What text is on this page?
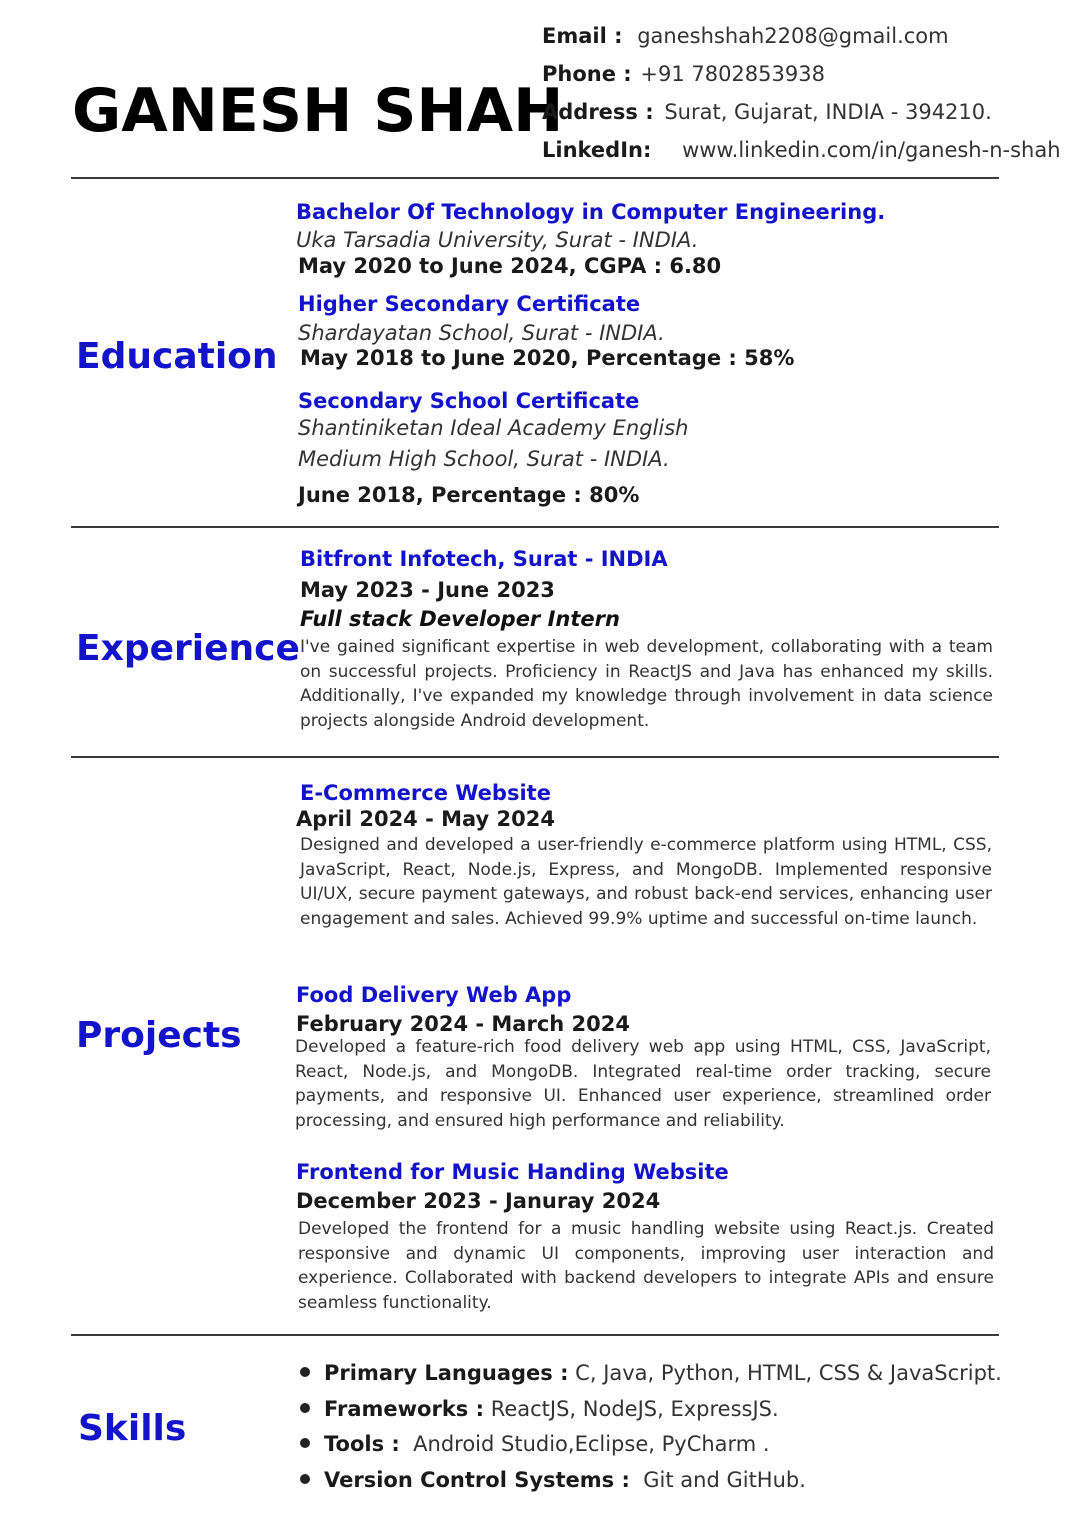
GANESH SHAH
Email : ganeshshah2208@gmail.com
Phone : +91 7802853938
Address : Surat, Gujarat, INDIA - 394210.
LinkedIn: www.linkedin.com/in/ganesh-n-shah
Education
Bachelor Of Technology in Computer Engineering.
Uka Tarsadia University, Surat - INDIA.
May 2020 to June 2024, CGPA : 6.80
Higher Secondary Certificate
Shardayatan School, Surat - INDIA.
May 2018 to June 2020, Percentage : 58%
Secondary School Certificate
Shantiniketan Ideal Academy English
Medium High School, Surat - INDIA.
June 2018, Percentage : 80%
Experience
Bitfront Infotech, Surat - INDIA
May 2023 - June 2023
Full stack Developer Intern

I've gained significant expertise in web development, collaborating with a team on successful projects. Proficiency in ReactJS and Java has enhanced my skills. Additionally, I've expanded my knowledge through involvement in data science projects alongside Android development.

Projects
E-Commerce Website
April 2024 - May 2024

Designed and developed a user-friendly e-commerce platform using HTML, CSS, JavaScript, React, Node.js, Express, and MongoDB. Implemented responsive UI/UX, secure payment gateways, and robust back-end services, enhancing user engagement and sales. Achieved 99.9% uptime and successful on-time launch.

Food Delivery Web App
February 2024 - March 2024

Developed a feature-rich food delivery web app using HTML, CSS, JavaScript, React, Node.js, and MongoDB. Integrated real-time order tracking, secure payments, and responsive UI. Enhanced user experience, streamlined order processing, and ensured high performance and reliability.

Frontend for Music Handing Website
December 2023 - Januray 2024

Developed the frontend for a music handling website using React.js. Created responsive and dynamic UI components, improving user interaction and experience. Collaborated with backend developers to integrate APIs and ensure seamless functionality.

Skills
Primary Languages : C, Java, Python, HTML, CSS & JavaScript.
Frameworks : ReactJS, NodeJS, ExpressJS.
Tools :  Android Studio,Eclipse, PyCharm .
Version Control Systems :  Git and GitHub.
